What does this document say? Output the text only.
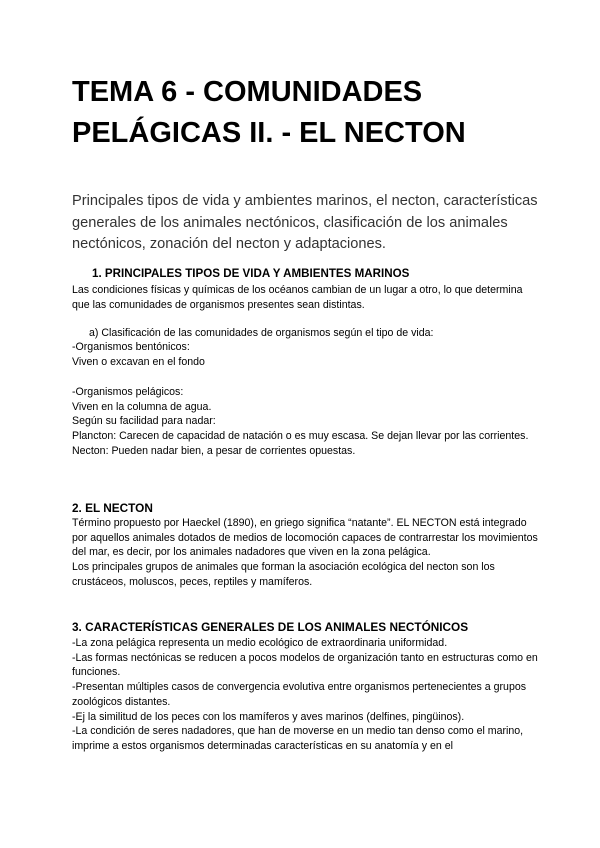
TEMA 6 - COMUNIDADES PELÁGICAS II. - EL NECTON

Principales tipos de vida y ambientes marinos, el necton, características generales de los animales nectónicos, clasificación de los animales nectónicos, zonación del necton y adaptaciones.

1. PRINCIPALES TIPOS DE VIDA Y AMBIENTES MARINOS

Las condiciones físicas y químicas de los océanos cambian de un lugar a otro, lo que determina que las comunidades de organismos presentes sean distintas.

a) Clasificación de las comunidades de organismos según el tipo de vida:

-Organismos bentónicos:

Viven o excavan en el fondo

-Organismos pelágicos:

Viven en la columna de agua.

Según su facilidad para nadar:

Plancton: Carecen de capacidad de natación o es muy escasa. Se dejan llevar por las corrientes.

Necton: Pueden nadar bien, a pesar de corrientes opuestas.

2. EL NECTON

Término propuesto por Haeckel (1890), en griego significa “natante”. EL NECTON está integrado por aquellos animales dotados de medios de locomoción capaces de contrarrestar los movimientos del mar, es decir, por los animales nadadores que viven en la zona pelágica.

Los principales grupos de animales que forman la asociación ecológica del necton son los crustáceos, moluscos, peces, reptiles y mamíferos.

3. CARACTERÍSTICAS GENERALES DE LOS ANIMALES NECTÓNICOS

-La zona pelágica representa un medio ecológico de extraordinaria uniformidad.

-Las formas nectónicas se reducen a pocos modelos de organización tanto en estructuras como en funciones.

-Presentan múltiples casos de convergencia evolutiva entre organismos pertenecientes a grupos zoológicos distantes.

-Ej la similitud de los peces con los mamíferos y aves marinos (delfines, pingüinos).

-La condición de seres nadadores, que han de moverse en un medio tan denso como el marino, imprime a estos organismos determinadas características en su anatomía y en el
